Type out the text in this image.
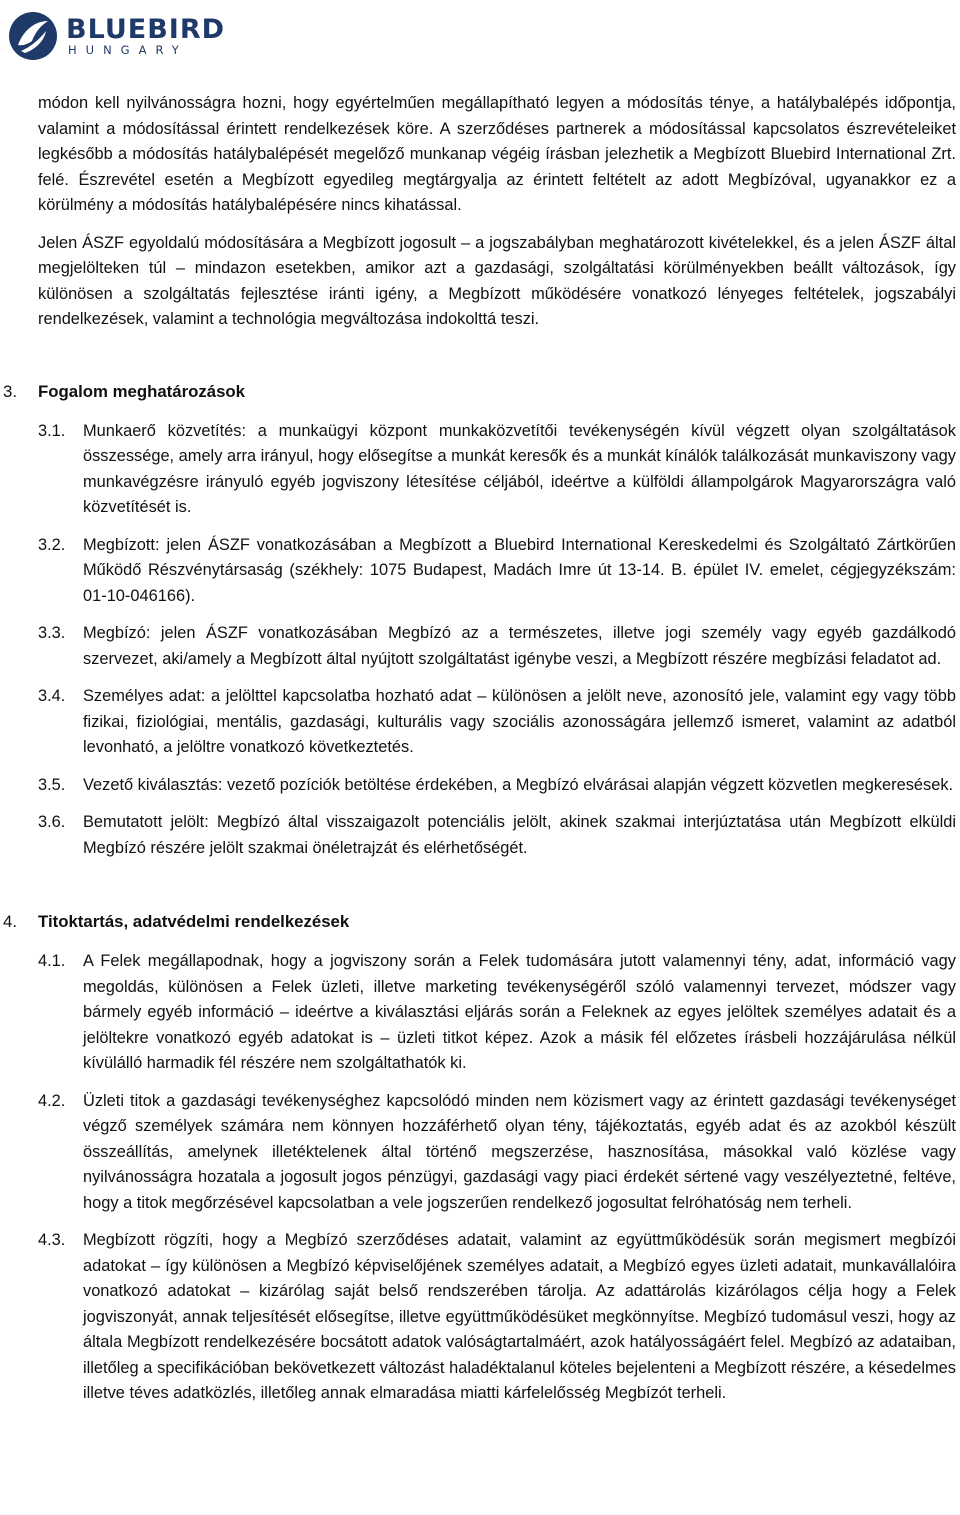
BLUEBIRD
HUNGARY

módon kell nyilvánosságra hozni, hogy egyértelműen megállapítható legyen a módosítás ténye, a hatálybalépés időpontja, valamint a módosítással érintett rendelkezések köre. A szerződéses partnerek a módosítással kapcsolatos észrevételeiket legkésőbb a módosítás hatálybalépését megelőző munkanap végéig írásban jelezhetik a Megbízott Bluebird International Zrt. felé. Észrevétel esetén a Megbízott egyedileg megtárgyalja az érintett feltételt az adott Megbízóval, ugyanakkor ez a körülmény a módosítás hatálybalépésére nincs kihatással.

Jelen ÁSZF egyoldalú módosítására a Megbízott jogosult – a jogszabályban meghatározott kivételekkel, és a jelen ÁSZF által megjelölteken túl – mindazon esetekben, amikor azt a gazdasági, szolgáltatási körülményekben beállt változások, így különösen a szolgáltatás fejlesztése iránti igény, a Megbízott működésére vonatkozó lényeges feltételek, jogszabályi rendelkezések, valamint a technológia megváltozása indokolttá teszi.

3. Fogalom meghatározások
3.1.	Munkaerő közvetítés: a munkaügyi központ munkaközvetítői tevékenységén kívül végzett olyan szolgáltatások összessége, amely arra irányul, hogy elősegítse a munkát keresők és a munkát kínálók találkozását munkaviszony vagy munkavégzésre irányuló egyéb jogviszony létesítése céljából, ideértve a külföldi állampolgárok Magyarországra való közvetítését is.
3.2.	Megbízott: jelen ÁSZF vonatkozásában a Megbízott a Bluebird International Kereskedelmi és Szolgáltató Zártkörűen Működő Részvénytársaság (székhely: 1075 Budapest, Madách Imre út 13-14. B. épület IV. emelet, cégjegyzékszám: 01-10-046166).
3.3.	Megbízó: jelen ÁSZF vonatkozásában Megbízó az a természetes, illetve jogi személy vagy egyéb gazdálkodó szervezet, aki/amely a Megbízott által nyújtott szolgáltatást igénybe veszi, a Megbízott részére megbízási feladatot ad.
3.4.	Személyes adat: a jelölttel kapcsolatba hozható adat – különösen a jelölt neve, azonosító jele, valamint egy vagy több fizikai, fiziológiai, mentális, gazdasági, kulturális vagy szociális azonosságára jellemző ismeret, valamint az adatból levonható, a jelöltre vonatkozó következtetés.
3.5.	Vezető kiválasztás: vezető pozíciók betöltése érdekében, a Megbízó elvárásai alapján végzett közvetlen megkeresések.
3.6.	Bemutatott jelölt: Megbízó által visszaigazolt potenciális jelölt, akinek szakmai interjúztatása után Megbízott elküldi Megbízó részére jelölt szakmai önéletrajzát és elérhetőségét.
4. Titoktartás, adatvédelmi rendelkezések
4.1.	A Felek megállapodnak, hogy a jogviszony során a Felek tudomására jutott valamennyi tény, adat, információ vagy megoldás, különösen a Felek üzleti, illetve marketing tevékenységéről szóló valamennyi tervezet, módszer vagy bármely egyéb információ – ideértve a kiválasztási eljárás során a Feleknek az egyes jelöltek személyes adatait és a jelöltekre vonatkozó egyéb adatokat is – üzleti titkot képez. Azok a másik fél előzetes írásbeli hozzájárulása nélkül kívülálló harmadik fél részére nem szolgáltathatók ki.
4.2.	Üzleti titok a gazdasági tevékenységhez kapcsolódó minden nem közismert vagy az érintett gazdasági tevékenységet végző személyek számára nem könnyen hozzáférhető olyan tény, tájékoztatás, egyéb adat és az azokból készült összeállítás, amelynek illetéktelenek által történő megszerzése, hasznosítása, másokkal való közlése vagy nyilvánosságra hozatala a jogosult jogos pénzügyi, gazdasági vagy piaci érdekét sértené vagy veszélyeztetné, feltéve, hogy a titok megőrzésével kapcsolatban a vele jogszerűen rendelkező jogosultat felróhatóság nem terheli.
4.3.	Megbízott rögzíti, hogy a Megbízó szerződéses adatait, valamint az együttműködésük során megismert megbízói adatokat – így különösen a Megbízó képviselőjének személyes adatait, a Megbízó egyes üzleti adatait, munkavállalóira vonatkozó adatokat – kizárólag saját belső rendszerében tárolja. Az adattárolás kizárólagos célja hogy a Felek jogviszonyát, annak teljesítését elősegítse, illetve együttműködésüket megkönnyítse. Megbízó tudomásul veszi, hogy az általa Megbízott rendelkezésére bocsátott adatok valóságtartalmáért, azok hatályosságáért felel. Megbízó az adataiban, illetőleg a specifikációban bekövetkezett változást haladéktalanul köteles bejelenteni a Megbízott részére, a késedelmes illetve téves adatközlés, illetőleg annak elmaradása miatti kárfelelősség Megbízót terheli.
